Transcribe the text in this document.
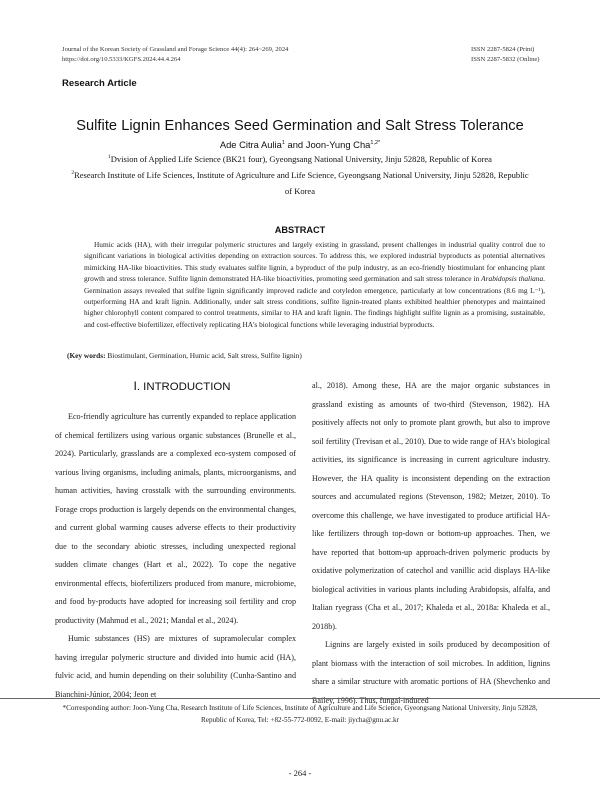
Journal of the Korean Society of Grassland and Forage Science 44(4): 264~269, 2024
https://doi.org/10.5333/KGFS.2024.44.4.264
ISSN 2287-5824 (Print)
ISSN 2287-5832 (Online)
Research Article
Sulfite Lignin Enhances Seed Germination and Salt Stress Tolerance
Ade Citra Aulia$^1$ and Joon-Yung Cha$^{1,2*}$
$^1$Dvision of Applied Life Science (BK21 four), Gyeongsang National University, Jinju 52828, Republic of Korea
$^2$Research Institute of Life Sciences, Institute of Agriculture and Life Science, Gyeongsang National University, Jinju 52828, Republic of Korea
ABSTRACT
Humic acids (HA), with their irregular polymeric structures and largely existing in grassland, present challenges in industrial quality control due to significant variations in biological activities depending on extraction sources. To address this, we explored industrial byproducts as potential alternatives mimicking HA-like bioactivities. This study evaluates sulfite lignin, a byproduct of the pulp industry, as an eco-friendly biostimulant for enhancing plant growth and stress tolerance. Sulfite lignin demonstrated HA-like bioactivities, promoting seed germination and salt stress tolerance in Arabidopsis thaliana. Germination assays revealed that sulfite lignin significantly improved radicle and cotyledon emergence, particularly at low concentrations (8.6 mg L⁻¹), outperforming HA and kraft lignin. Additionally, under salt stress conditions, sulfite lignin-treated plants exhibited healthier phenotypes and maintained higher chlorophyll content compared to control treatments, similar to HA and kraft lignin. The findings highlight sulfite lignin as a promising, sustainable, and cost-effective biofertilizer, effectively replicating HA's biological functions while leveraging industrial byproducts.
(Key words: Biostimulant, Germination, Humic acid, Salt stress, Sulfite lignin)
Ⅰ. INTRODUCTION

Eco-friendly agriculture has currently expanded to replace application of chemical fertilizers using various organic substances (Brunelle et al., 2024). Particularly, grasslands are a complexed eco-system composed of various living organisms, including animals, plants, microorganisms, and human activities, having crosstalk with the surrounding environments. Forage crops production is largely depends on the environmental changes, and current global warming causes adverse effects to their productivity due to the secondary abiotic stresses, including unexpected regional sudden climate changes (Hart et al., 2022). To cope the negative environmental effects, biofertilizers produced from manure, microbiome, and food by-products have adopted for increasing soil fertility and crop productivity (Mahmud et al., 2021; Mandal et al., 2024).

Humic substances (HS) are mixtures of supramolecular complex having irregular polymeric structure and divided into humic acid (HA), fulvic acid, and humin depending on their solubility (Cunha-Santino and Bianchini-Júnior, 2004; Jeon et

al., 2018). Among these, HA are the major organic substances in grassland existing as amounts of two-third (Stevenson, 1982). HA positively affects not only to promote plant growth, but also to improve soil fertility (Trevisan et al., 2010). Due to wide range of HA's biological activities, its significance is increasing in current agriculture industry. However, the HA quality is inconsistent depending on the extraction sources and accumulated regions (Stevenson, 1982; Metzer, 2010). To overcome this challenge, we have investigated to produce artificial HA-like fertilizers through top-down or bottom-up approaches. Then, we have reported that bottom-up approach-driven polymeric products by oxidative polymerization of catechol and vanillic acid displays HA-like biological activities in various plants including Arabidopsis, alfalfa, and Italian ryegrass (Cha et al., 2017; Khaleda et al., 2018a: Khaleda et al., 2018b).

Lignins are largely existed in soils produced by decomposition of plant biomass with the interaction of soil microbes. In addition, lignins share a similar structure with aromatic portions of HA (Shevchenko and Bailey, 1996). Thus, fungal-induced

*Corresponding author: Joon-Yung Cha, Research Institute of Life Sciences, Institute of Agriculture and Life Science, Gyeongsang National University, Jinju 52828, Republic of Korea, Tel: +82-55-772-0092, E-mail: jiycha@gnu.ac.kr
- 264 -
